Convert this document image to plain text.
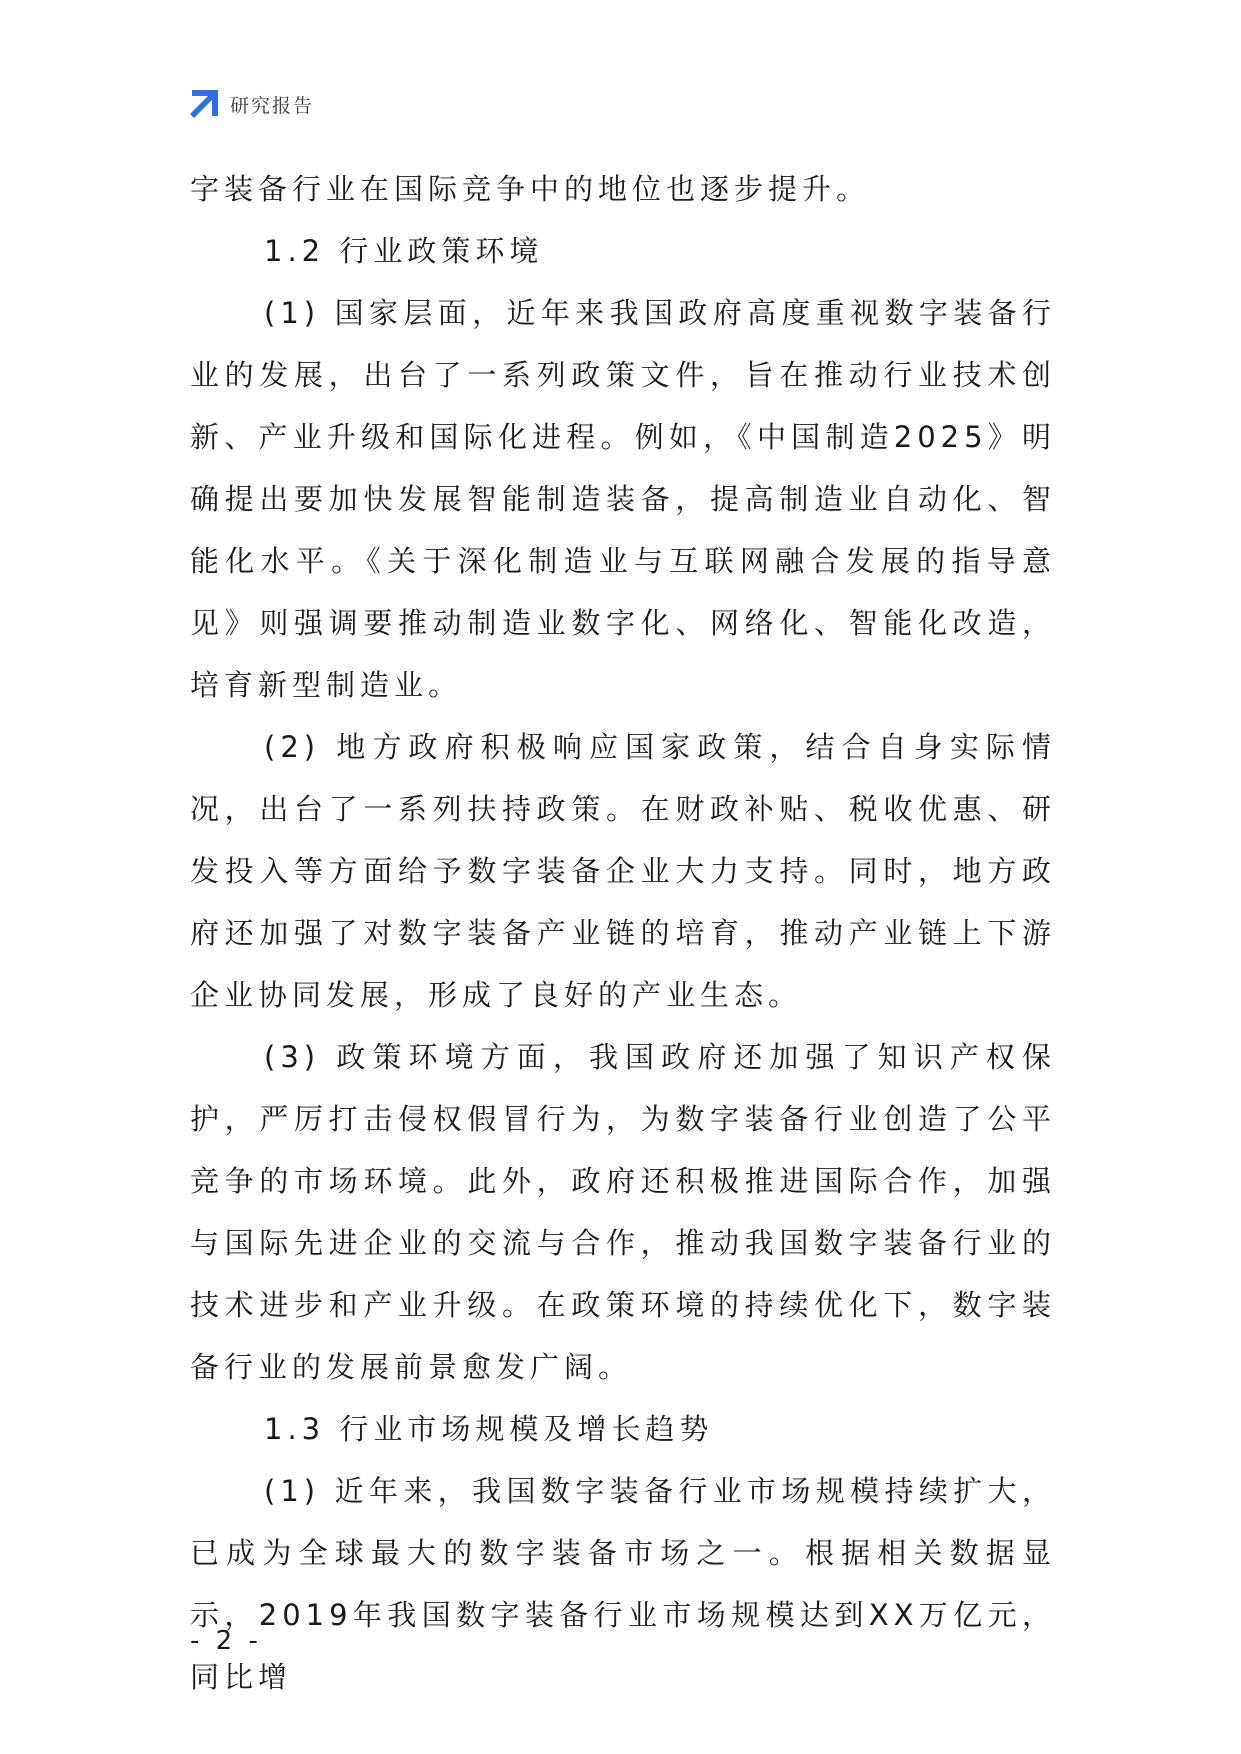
研究报告

字装备行业在国际竞争中的地位也逐步提升。

1.2 行业政策环境

(1) 国家层面，近年来我国政府高度重视数字装备行业的发展，出台了一系列政策文件，旨在推动行业技术创新、产业升级和国际化进程。例如，《中国制造2025》明确提出要加快发展智能制造装备，提高制造业自动化、智能化水平。《关于深化制造业与互联网融合发展的指导意见》则强调要推动制造业数字化、网络化、智能化改造，培育新型制造业。

(2) 地方政府积极响应国家政策，结合自身实际情况，出台了一系列扶持政策。在财政补贴、税收优惠、研发投入等方面给予数字装备企业大力支持。同时，地方政府还加强了对数字装备产业链的培育，推动产业链上下游企业协同发展，形成了良好的产业生态。

(3) 政策环境方面，我国政府还加强了知识产权保护，严厉打击侵权假冒行为，为数字装备行业创造了公平竞争的市场环境。此外，政府还积极推进国际合作，加强与国际先进企业的交流与合作，推动我国数字装备行业的技术进步和产业升级。在政策环境的持续优化下，数字装备行业的发展前景愈发广阔。

1.3 行业市场规模及增长趋势

(1) 近年来，我国数字装备行业市场规模持续扩大，已成为全球最大的数字装备市场之一。根据相关数据显示，2019年我国数字装备行业市场规模达到XX万亿元，同比增

- 2 -
